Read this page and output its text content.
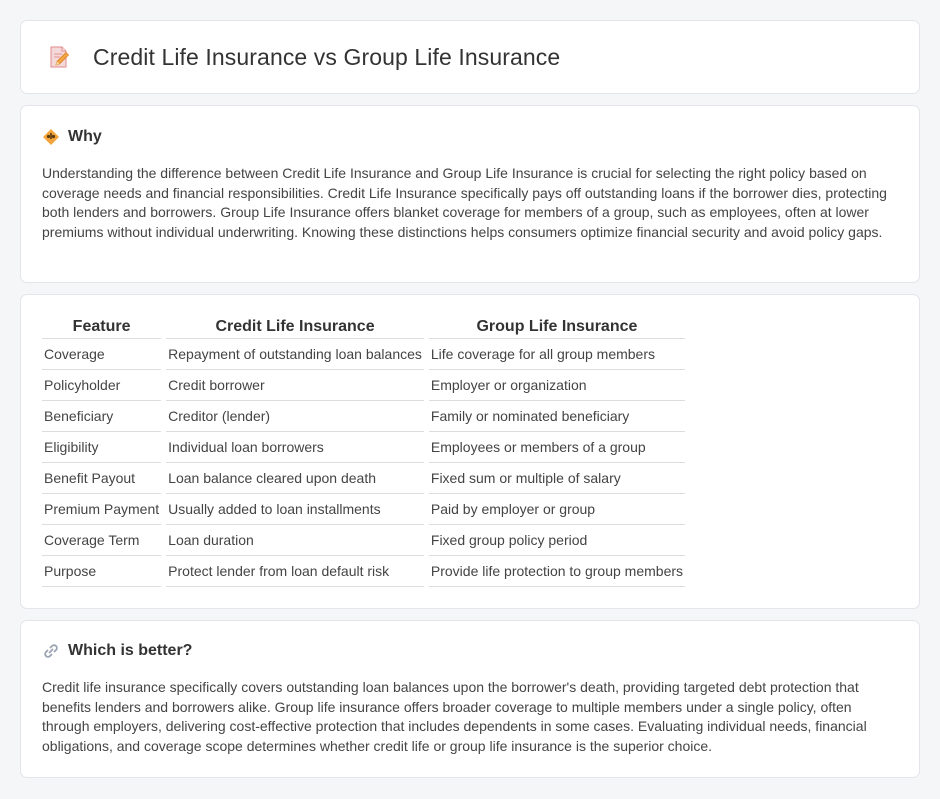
Credit Life Insurance vs Group Life Insurance
Why

Understanding the difference between Credit Life Insurance and Group Life Insurance is crucial for selecting the right policy based on coverage needs and financial responsibilities. Credit Life Insurance specifically pays off outstanding loans if the borrower dies, protecting both lenders and borrowers. Group Life Insurance offers blanket coverage for members of a group, such as employees, often at lower premiums without individual underwriting. Knowing these distinctions helps consumers optimize financial security and avoid policy gaps.

Feature	Credit Life Insurance	Group Life Insurance
Coverage	Repayment of outstanding loan balances	Life coverage for all group members
Policyholder	Credit borrower	Employer or organization
Beneficiary	Creditor (lender)	Family or nominated beneficiary
Eligibility	Individual loan borrowers	Employees or members of a group
Benefit Payout	Loan balance cleared upon death	Fixed sum or multiple of salary
Premium Payment	Usually added to loan installments	Paid by employer or group
Coverage Term	Loan duration	Fixed group policy period
Purpose	Protect lender from loan default risk	Provide life protection to group members
Which is better?

Credit life insurance specifically covers outstanding loan balances upon the borrower's death, providing targeted debt protection that benefits lenders and borrowers alike. Group life insurance offers broader coverage to multiple members under a single policy, often through employers, delivering cost-effective protection that includes dependents in some cases. Evaluating individual needs, financial obligations, and coverage scope determines whether credit life or group life insurance is the superior choice.
